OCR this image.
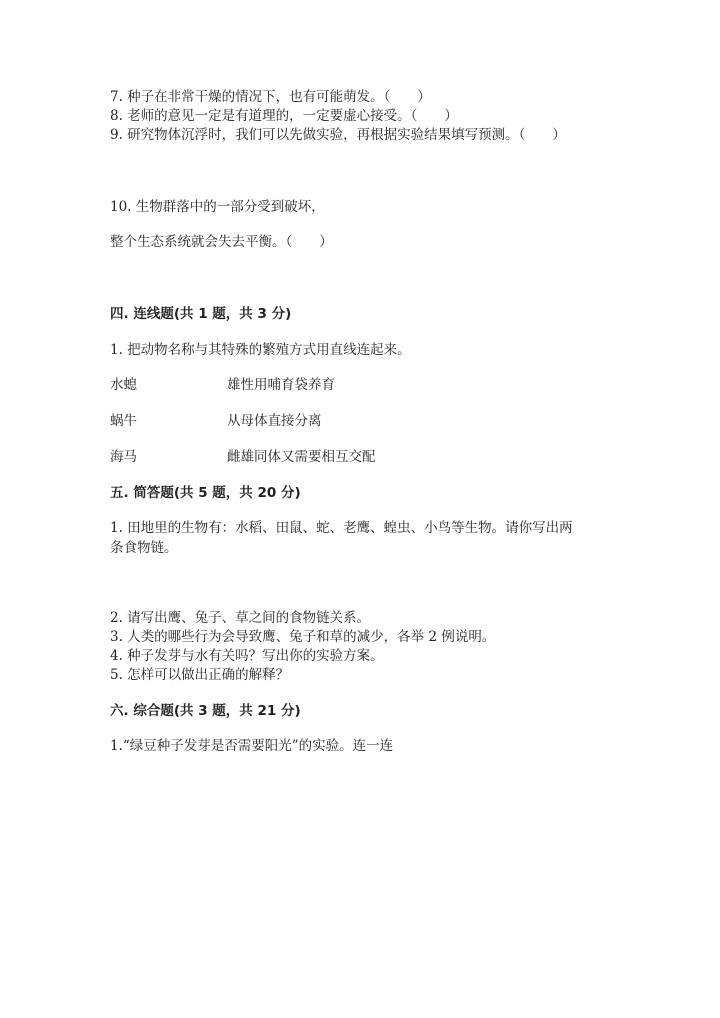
7. 种子在非常干燥的情况下，也有可能萌发。（　　）
8. 老师的意见一定是有道理的，一定要虚心接受。（　　）
9. 研究物体沉浮时，我们可以先做实验，再根据实验结果填写预测。（　　）
10. 生物群落中的一部分受到破坏，
整个生态系统就会失去平衡。（　　）
四. 连线题(共 1 题，共 3 分)
1. 把动物名称与其特殊的繁殖方式用直线连起来。
水螅	雄性用哺育袋养育
蜗牛	从母体直接分离
海马	雌雄同体又需要相互交配
五. 简答题(共 5 题，共 20 分)
1. 田地里的生物有：水稻、田鼠、蛇、老鹰、蝗虫、小鸟等生物。请你写出两
条食物链。
2. 请写出鹰、兔子、草之间的食物链关系。
3. 人类的哪些行为会导致鹰、兔子和草的减少，各举 2 例说明。
4. 种子发芽与水有关吗？写出你的实验方案。
5. 怎样可以做出正确的解释？
六. 综合题(共 3 题，共 21 分)
1.“绿豆种子发芽是否需要阳光”的实验。连一连
